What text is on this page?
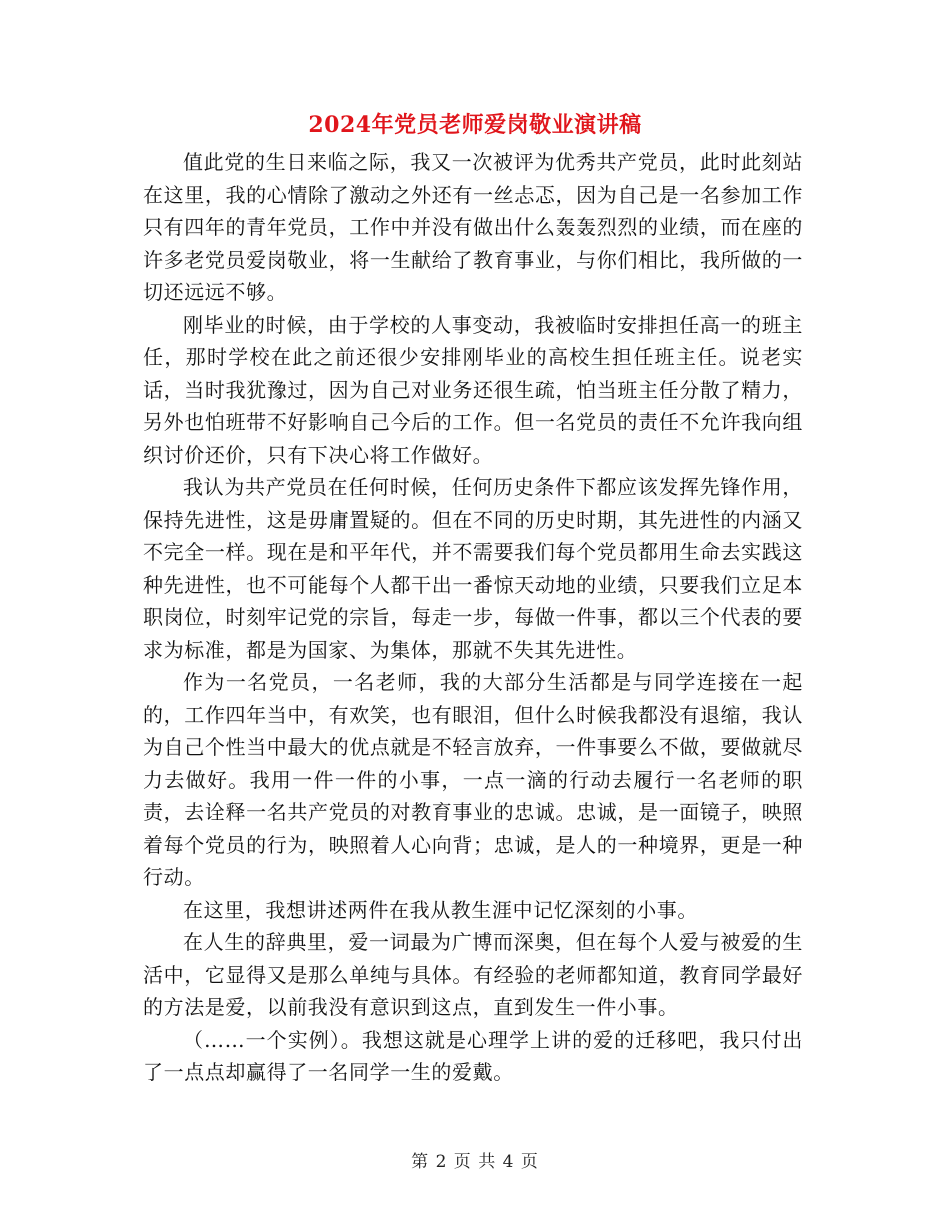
2024年党员老师爱岗敬业演讲稿

值此党的生日来临之际，我又一次被评为优秀共产党员，此时此刻站在这里，我的心情除了激动之外还有一丝忐忑，因为自己是一名参加工作只有四年的青年党员，工作中并没有做出什么轰轰烈烈的业绩，而在座的许多老党员爱岗敬业，将一生献给了教育事业，与你们相比，我所做的一切还远远不够。

刚毕业的时候，由于学校的人事变动，我被临时安排担任高一的班主任，那时学校在此之前还很少安排刚毕业的高校生担任班主任。说老实话，当时我犹豫过，因为自己对业务还很生疏，怕当班主任分散了精力，另外也怕班带不好影响自己今后的工作。但一名党员的责任不允许我向组织讨价还价，只有下决心将工作做好。

我认为共产党员在任何时候，任何历史条件下都应该发挥先锋作用，保持先进性，这是毋庸置疑的。但在不同的历史时期，其先进性的内涵又不完全一样。现在是和平年代，并不需要我们每个党员都用生命去实践这种先进性，也不可能每个人都干出一番惊天动地的业绩，只要我们立足本职岗位，时刻牢记党的宗旨，每走一步，每做一件事，都以三个代表的要求为标准，都是为国家、为集体，那就不失其先进性。

作为一名党员，一名老师，我的大部分生活都是与同学连接在一起的，工作四年当中，有欢笑，也有眼泪，但什么时候我都没有退缩，我认为自己个性当中最大的优点就是不轻言放弃，一件事要么不做，要做就尽力去做好。我用一件一件的小事，一点一滴的行动去履行一名老师的职责，去诠释一名共产党员的对教育事业的忠诚。忠诚，是一面镜子，映照着每个党员的行为，映照着人心向背；忠诚，是人的一种境界，更是一种行动。

在这里，我想讲述两件在我从教生涯中记忆深刻的小事。

在人生的辞典里，爱一词最为广博而深奥，但在每个人爱与被爱的生活中，它显得又是那么单纯与具体。有经验的老师都知道，教育同学最好的方法是爱，以前我没有意识到这点，直到发生一件小事。

（……一个实例）。我想这就是心理学上讲的爱的迁移吧，我只付出了一点点却赢得了一名同学一生的爱戴。

第 2 页 共 4 页
